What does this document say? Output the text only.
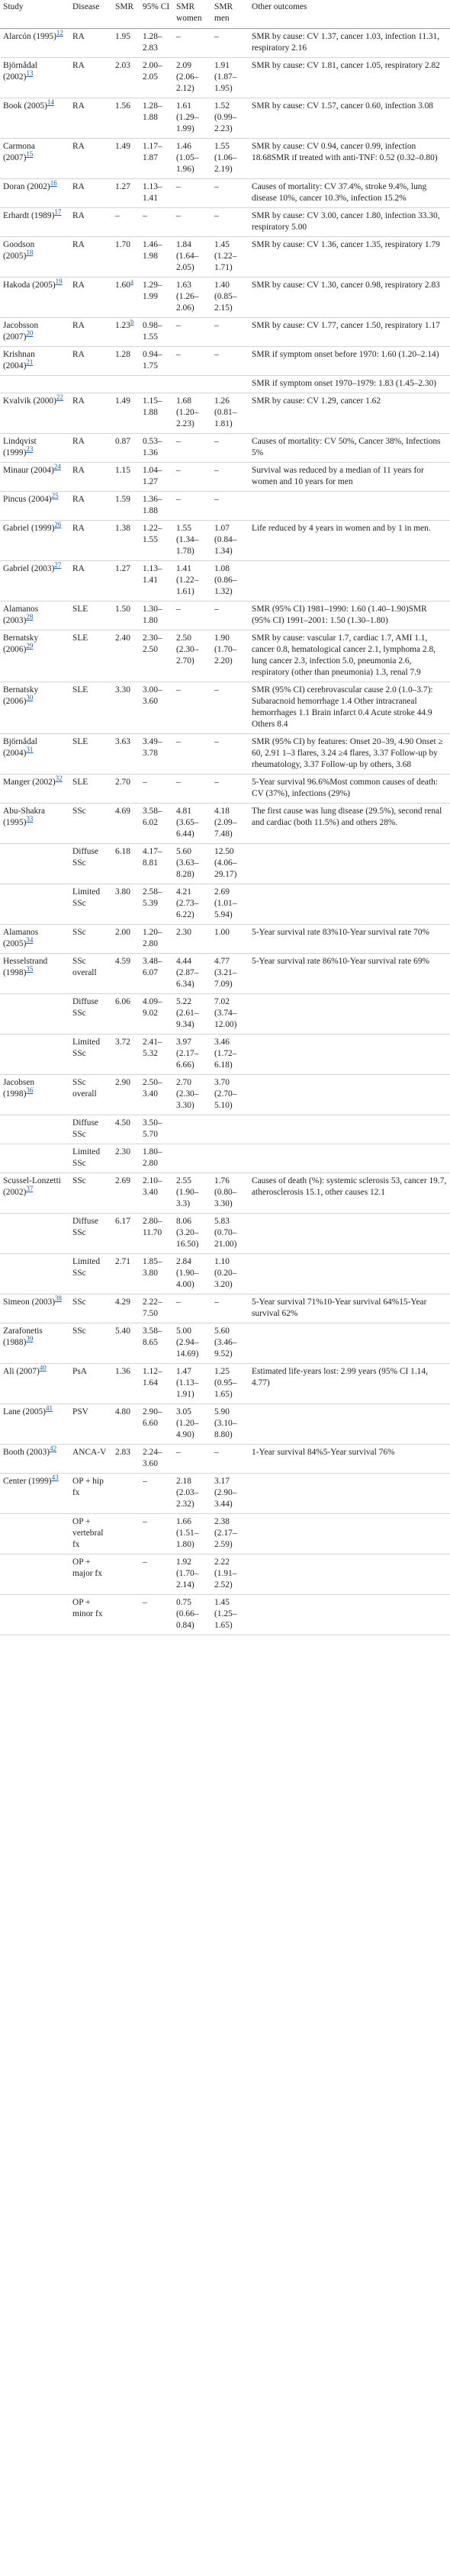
Study	Disease	SMR	95% CI	SMR women	SMR men	Other outcomes
Alarcón (1995)$^{12}$	RA	1.95	1.28–2.83	–	–	SMR by cause: CV 1.37, cancer 1.03, infection 11.31, respiratory 2.16
Björnådal (2002)$^{13}$	RA	2.03	2.00–2.05	2.09 (2.06–2.12)	1.91 (1.87–1.95)	SMR by cause: CV 1.81, cancer 1.05, respiratory 2.82
Book (2005)$^{14}$	RA	1.56	1.28–1.88	1.61 (1.29–1.99)	1.52 (0.99–2.23)	SMR by cause: CV 1.57, cancer 0.60, infection 3.08
Carmona (2007)$^{15}$	RA	1.49	1.17–1.87	1.46 (1.05–1.96)	1.55 (1.06–2.19)	SMR by cause: CV 0.94, cancer 0.99, infection 18.68SMR if treated with anti-TNF: 0.52 (0.32–0.80)
Doran (2002)$^{16}$	RA	1.27	1.13–1.41	–	–	Causes of mortality: CV 37.4%, stroke 9.4%, lung disease 10%, cancer 10.3%, infection 15.2%
Erhardt (1989)$^{17}$	RA	–	–	–	–	SMR by cause: CV 3.00, cancer 1.80, infection 33.30, respiratory 5.00
Goodson (2005)$^{18}$	RA	1.70	1.46–1.98	1.84 (1.64–2.05)	1.45 (1.22–1.71)	SMR by cause: CV 1.36, cancer 1.35, respiratory 1.79
Hakoda (2005)$^{19}$	RA	1.60$^a$	1.29–1.99	1.63 (1.26–2.06)	1.40 (0.85–2.15)	SMR by cause: CV 1.30, cancer 0.98, respiratory 2.83
Jacobsson (2007)$^{20}$	RA	1.23$^b$	0.98–1.55	–	–	SMR by cause: CV 1.77, cancer 1.50, respiratory 1.17
Krishnan (2004)$^{21}$	RA	1.28	0.94–1.75	–	–	SMR if symptom onset before 1970: 1.60 (1.20–2.14)
						SMR if symptom onset 1970–1979: 1.83 (1.45–2.30)
Kvalvik (2000)$^{22}$	RA	1.49	1.15–1.88	1.68 (1.20–2.23)	1.26 (0.81–1.81)	SMR by cause: CV 1.29, cancer 1.62
Lindqvist (1999)$^{23}$	RA	0.87	0.53–1.36	–	–	Causes of mortality: CV 50%, Cancer 38%, Infections 5%
Minaur (2004)$^{24}$	RA	1.15	1.04–1.27	–	–	Survival was reduced by a median of 11 years for women and 10 years for men
Pincus (2004)$^{25}$	RA	1.59	1.36–1.88	–	–	
Gabriel (1999)$^{26}$	RA	1.38	1.22–1.55	1.55 (1.34–1.78)	1.07 (0.84–1.34)	Life reduced by 4 years in women and by 1 in men.
Gabriel (2003)$^{27}$	RA	1.27	1.13–1.41	1.41 (1.22–1.61)	1.08 (0.86–1.32)	
Alamanos (2003)$^{28}$	SLE	1.50	1.30–1.80	–	–	SMR (95% CI) 1981–1990: 1.60 (1.40–1.90)SMR (95% CI) 1991–2001: 1.50 (1.30–1.80)
Bernatsky (2006)$^{29}$	SLE	2.40	2.30–2.50	2.50 (2.30–2.70)	1.90 (1.70–2.20)	SMR by cause: vascular 1.7, cardiac 1.7, AMI 1.1, cancer 0.8, hematological cancer 2.1, lymphoma 2.8, lung cancer 2.3, infection 5.0, pneumonia 2.6, respiratory (other than pneumonia) 1.3, renal 7.9
Bernatsky (2006)$^{30}$	SLE	3.30	3.00–3.60	–	–	SMR (95% CI) cerebrovascular cause 2.0 (1.0–3.7): Subaracnoid hemorrhage 1.4 Other intracraneal hemorrhages 1.1 Brain infarct 0.4 Acute stroke 44.9 Others 8.4
Björnådal (2004)$^{31}$	SLE	3.63	3.49–3.78	–	–	SMR (95% CI) by features: Onset 20–39, 4.90 Onset ≥ 60, 2.91 1–3 flares, 3.24 ≥4 flares, 3.37 Follow-up by rheumatology, 3.37 Follow-up by others, 3.68
Manger (2002)$^{32}$	SLE	2.70	–	–	–	5-Year survival 96.6%Most common causes of death: CV (37%), infections (29%)
Abu-Shakra (1995)$^{33}$	SSc	4.69	3.58–6.02	4.81 (3.65–6.44)	4.18 (2.09–7.48)	The first cause was lung disease (29.5%), second renal and cardiac (both 11.5%) and others 28%.
	Diffuse SSc	6.18	4.17–8.81	5.60 (3.63–8.28)	12.50 (4.06–29.17)	
	Limited SSc	3.80	2.58–5.39	4.21 (2.73–6.22)	2.69 (1.01–5.94)	
Alamanos (2005)$^{34}$	SSc	2.00	1.20–2.80	2.30	1.00	5-Year survival rate 83%10-Year survival rate 70%
Hesselstrand (1998)$^{35}$	SSc overall	4.59	3.48–6.07	4.44 (2.87–6.34)	4.77 (3.21–7.09)	5-Year survival rate 86%10-Year survival rate 69%
	Diffuse SSc	6.06	4.09–9.02	5.22 (2.61–9.34)	7.02 (3.74–12.00)	
	Limited SSc	3.72	2.41–5.32	3.97 (2.17–6.66)	3.46 (1.72–6.18)	
Jacobsen (1998)$^{36}$	SSc overall	2.90	2.50–3.40	2.70 (2.30–3.30)	3.70 (2.70–5.10)	
	Diffuse SSc	4.50	3.50–5.70			
	Limited SSc	2.30	1.80–2.80			
Scussel-Lonzetti (2002)$^{37}$	SSc	2.69	2.10–3.40	2.55 (1.90–3.3)	1.76 (0.80–3.30)	Causes of death (%): systemic sclerosis 53, cancer 19.7, atherosclerosis 15.1, other causes 12.1
	Diffuse SSc	6.17	2.80–11.70	8.06 (3.20–16.50)	5.83 (0.70–21.00)	
	Limited SSc	2.71	1.85–3.80	2.84 (1.90–4.00)	1.10 (0.20–3.20)	
Simeon (2003)$^{38}$	SSc	4.29	2.22–7.50	–	–	5-Year survival 71%10-Year survival 64%15-Year survival 62%
Zarafonetis (1988)$^{39}$	SSc	5.40	3.58–8.65	5.00 (2.94–14.69)	5.60 (3.46–9.52)	
Ali (2007)$^{40}$	PsA	1.36	1.12–1.64	1.47 (1.13–1.91)	1.25 (0.95–1.65)	Estimated life-years lost: 2.99 years (95% CI 1.14, 4.77)
Lane (2005)$^{41}$	PSV	4.80	2.90–6.60	3.05 (1.20–4.90)	5.90 (3.10–8.80)	
Booth (2003)$^{42}$	ANCA-V	2.83	2.24–3.60	–	–	1-Year survival 84%5-Year survival 76%
Center (1999)$^{43}$	OP + hip fx		–	2.18 (2.03–2.32)	3.17 (2.90–3.44)	
	OP + vertebral fx		–	1.66 (1.51–1.80)	2.38 (2.17–2.59)	
	OP + major fx		–	1.92 (1.70–2.14)	2.22 (1.91–2.52)	
	OP + minor fx		–	0.75 (0.66–0.84)	1.45 (1.25–1.65)	
